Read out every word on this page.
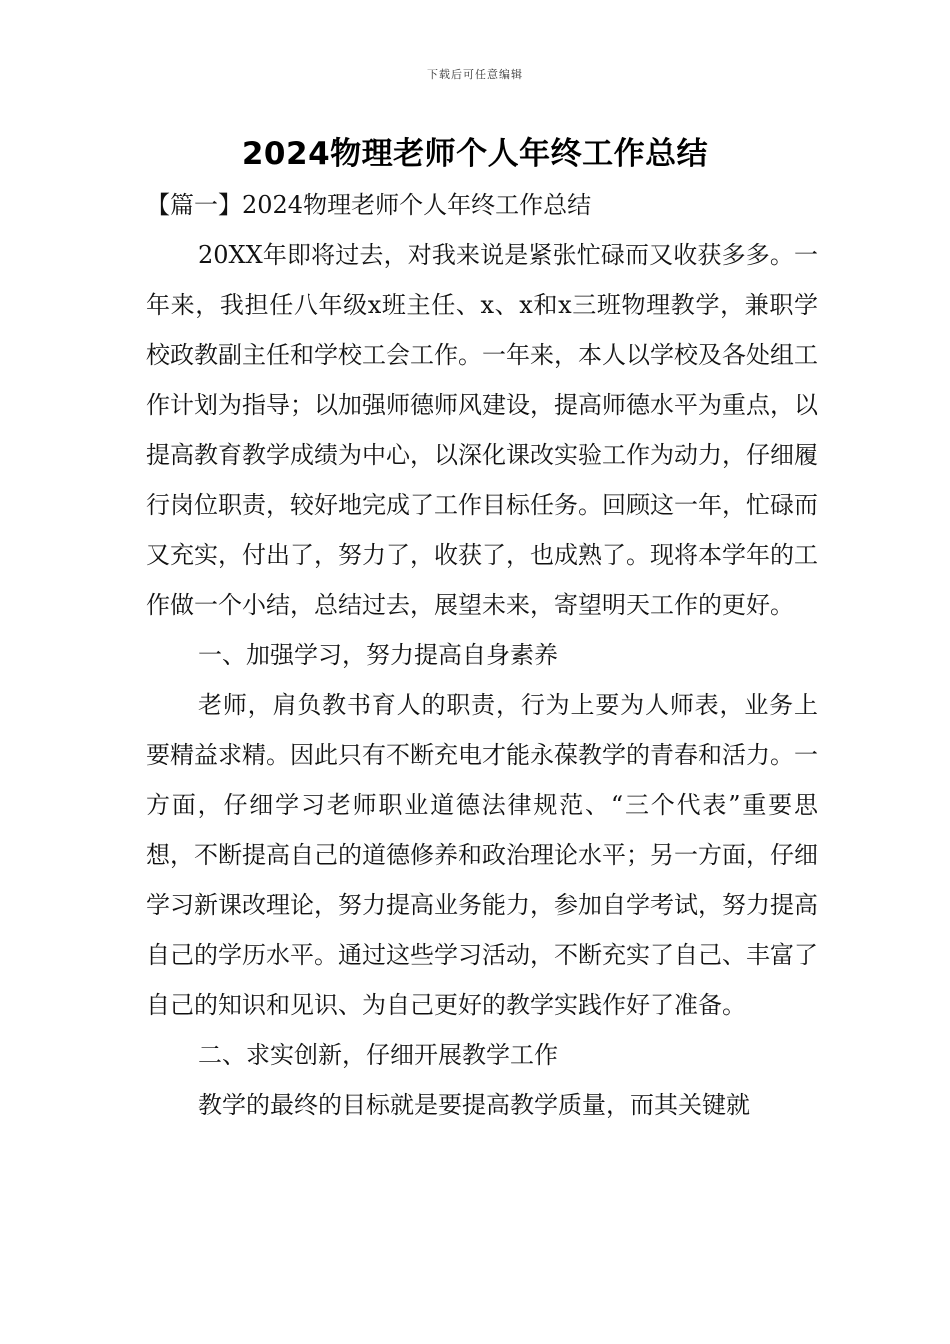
下载后可任意编辑
2024物理老师个人年终工作总结

【篇一】2024物理老师个人年终工作总结

20XX年即将过去，对我来说是紧张忙碌而又收获多多。一年来，我担任八年级x班主任、x、x和x三班物理教学，兼职学校政教副主任和学校工会工作。一年来，本人以学校及各处组工作计划为指导；以加强师德师风建设，提高师德水平为重点，以提高教育教学成绩为中心，以深化课改实验工作为动力，仔细履行岗位职责，较好地完成了工作目标任务。回顾这一年，忙碌而又充实，付出了，努力了，收获了，也成熟了。现将本学年的工作做一个小结，总结过去，展望未来，寄望明天工作的更好。

一、加强学习，努力提高自身素养

老师，肩负教书育人的职责，行为上要为人师表，业务上要精益求精。因此只有不断充电才能永葆教学的青春和活力。一方面，仔细学习老师职业道德法律规范、“三个代表”重要思想，不断提高自己的道德修养和政治理论水平；另一方面，仔细学习新课改理论，努力提高业务能力，参加自学考试，努力提高自己的学历水平。通过这些学习活动，不断充实了自己、丰富了自己的知识和见识、为自己更好的教学实践作好了准备。

二、求实创新，仔细开展教学工作

教学的最终的目标就是要提高教学质量，而其关键就
